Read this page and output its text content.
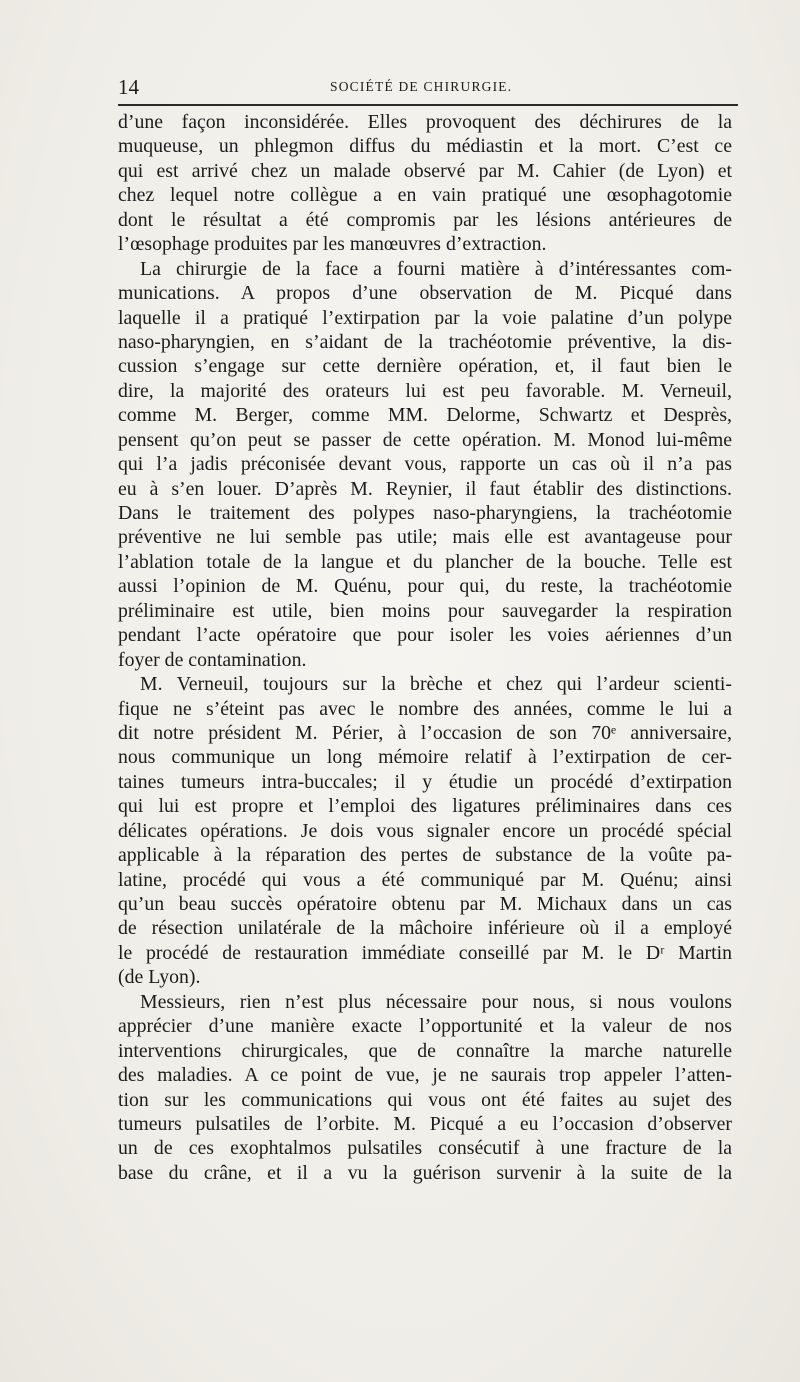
14	SOCIÉTÉ DE CHIRURGIE.
d’une façon inconsidérée. Elles provoquent des déchirures de la
muqueuse, un phlegmon diffus du médiastin et la mort. C’est ce
qui est arrivé chez un malade observé par M. Cahier (de Lyon) et
chez lequel notre collègue a en vain pratiqué une œsophagotomie
dont le résultat a été compromis par les lésions antérieures de
l’œsophage produites par les manœuvres d’extraction.
La chirurgie de la face a fourni matière à d’intéressantes com-
munications. A propos d’une observation de M. Picqué dans
laquelle il a pratiqué l’extirpation par la voie palatine d’un polype
naso-pharyngien, en s’aidant de la trachéotomie préventive, la dis-
cussion s’engage sur cette dernière opération, et, il faut bien le
dire, la majorité des orateurs lui est peu favorable. M. Verneuil,
comme M. Berger, comme MM. Delorme, Schwartz et Desprès,
pensent qu’on peut se passer de cette opération. M. Monod lui-même
qui l’a jadis préconisée devant vous, rapporte un cas où il n’a pas
eu à s’en louer. D’après M. Reynier, il faut établir des distinctions.
Dans le traitement des polypes naso-pharyngiens, la trachéotomie
préventive ne lui semble pas utile; mais elle est avantageuse pour
l’ablation totale de la langue et du plancher de la bouche. Telle est
aussi l’opinion de M. Quénu, pour qui, du reste, la trachéotomie
préliminaire est utile, bien moins pour sauvegarder la respiration
pendant l’acte opératoire que pour isoler les voies aériennes d’un
foyer de contamination.
M. Verneuil, toujours sur la brèche et chez qui l’ardeur scienti-
fique ne s’éteint pas avec le nombre des années, comme le lui a
dit notre président M. Périer, à l’occasion de son 70ᵉ anniversaire,
nous communique un long mémoire relatif à l’extirpation de cer-
taines tumeurs intra-buccales; il y étudie un procédé d’extirpation
qui lui est propre et l’emploi des ligatures préliminaires dans ces
délicates opérations. Je dois vous signaler encore un procédé spécial
applicable à la réparation des pertes de substance de la voûte pa-
latine, procédé qui vous a été communiqué par M. Quénu; ainsi
qu’un beau succès opératoire obtenu par M. Michaux dans un cas
de résection unilatérale de la mâchoire inférieure où il a employé
le procédé de restauration immédiate conseillé par M. le Dʳ Martin
(de Lyon).
Messieurs, rien n’est plus nécessaire pour nous, si nous voulons
apprécier d’une manière exacte l’opportunité et la valeur de nos
interventions chirurgicales, que de connaître la marche naturelle
des maladies. A ce point de vue, je ne saurais trop appeler l’atten-
tion sur les communications qui vous ont été faites au sujet des
tumeurs pulsatiles de l’orbite. M. Picqué a eu l’occasion d’observer
un de ces exophtalmos pulsatiles consécutif à une fracture de la
base du crâne, et il a vu la guérison survenir à la suite de la
